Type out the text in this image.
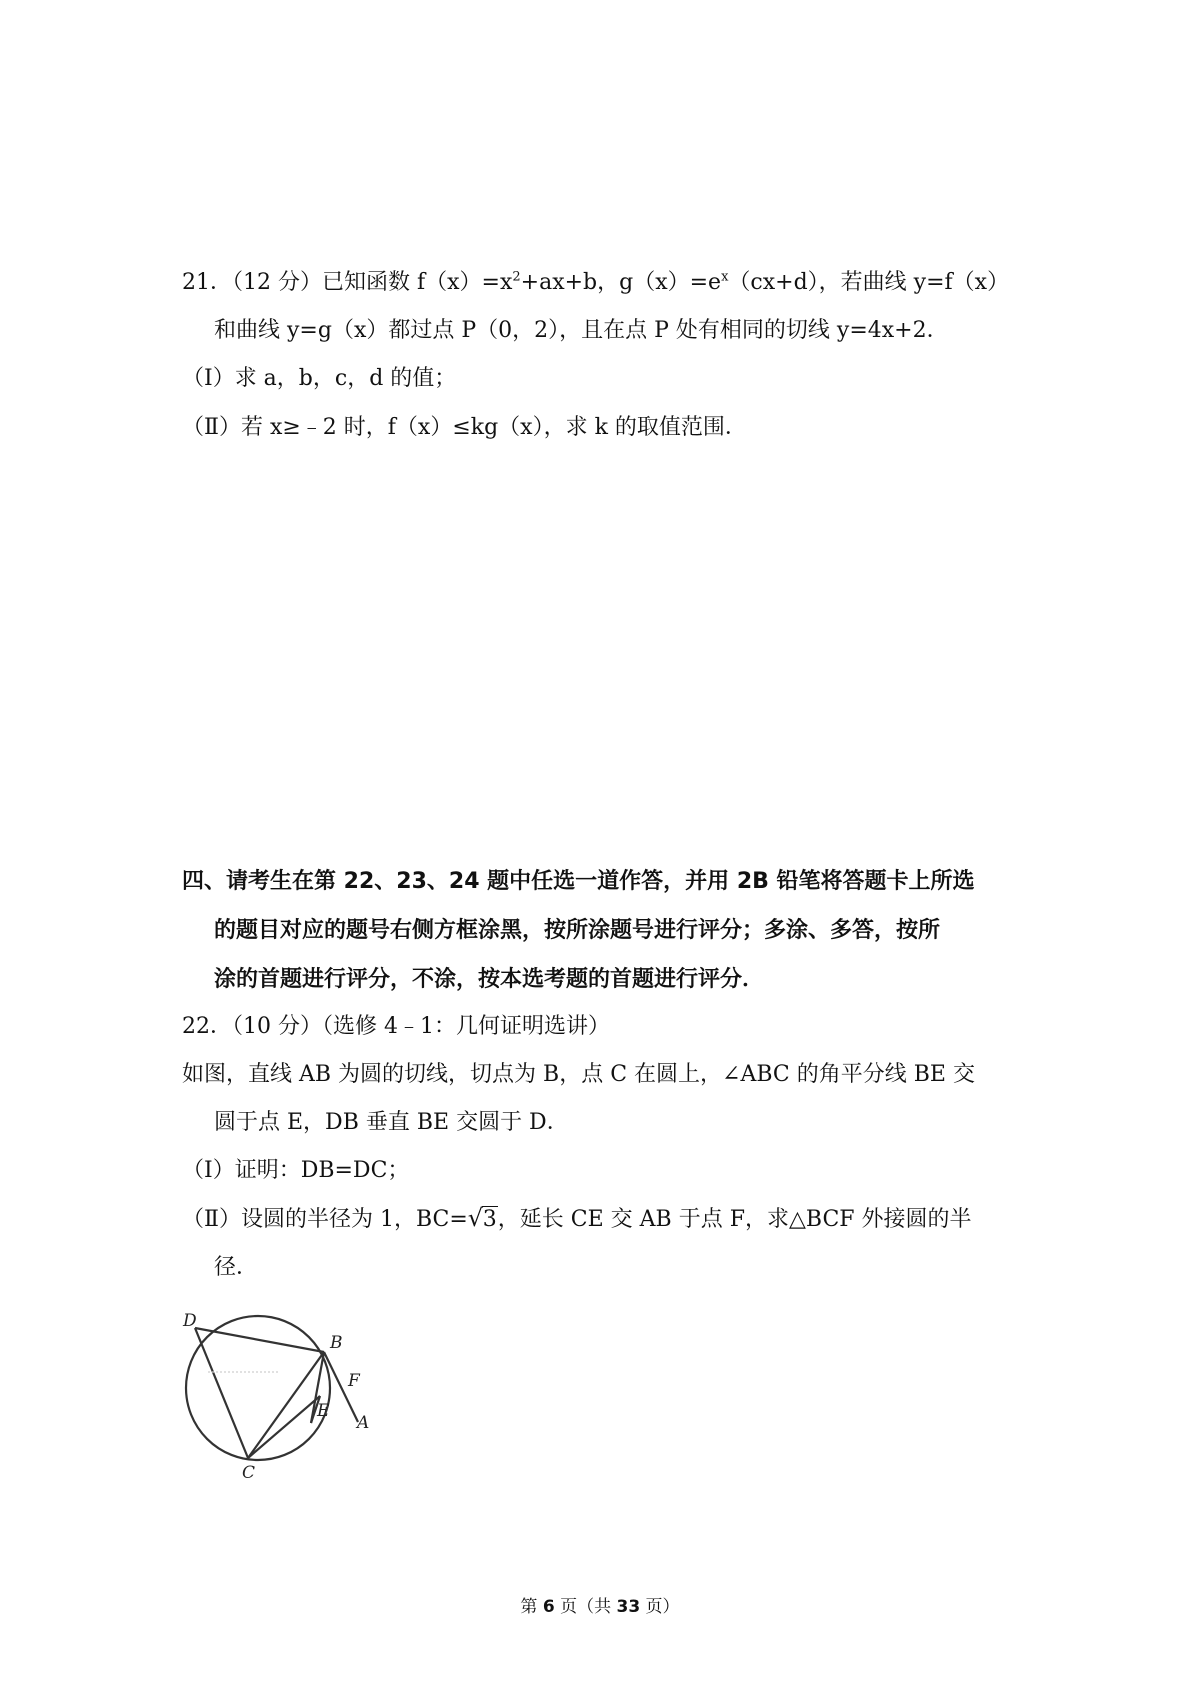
21．（12 分）已知函数 $f(x)=x^2+ax+b$，$g(x)=e^x(cx+d)$，若曲线 y=f（x）
和曲线 y=g（x）都过点 P（0，2），且在点 P 处有相同的切线 y=4x+2．
（Ⅰ）求 a，b，c，d 的值；
（Ⅱ）若 x≥﹣2 时，f（x）≤kg（x），求 k 的取值范围．
四、请考生在第 22、23、24 题中任选一道作答，并用 2B 铅笔将答题卡上所选
的题目对应的题号右侧方框涂黑，按所涂题号进行评分；多涂、多答，按所
涂的首题进行评分，不涂，按本选考题的首题进行评分．
22．（10 分）（选修 4﹣1：几何证明选讲）
如图，直线 AB 为圆的切线，切点为 B，点 C 在圆上，∠ABC 的角平分线 BE 交
圆于点 E，DB 垂直 BE 交圆于 D．
（Ⅰ）证明：DB=DC；
（Ⅱ）设圆的半径为 1，BC=√ 3，延长 CE 交 AB 于点 F，求△BCF 外接圆的半
径．
D
B
F
E
A
C
第 6 页（共 33 页）
